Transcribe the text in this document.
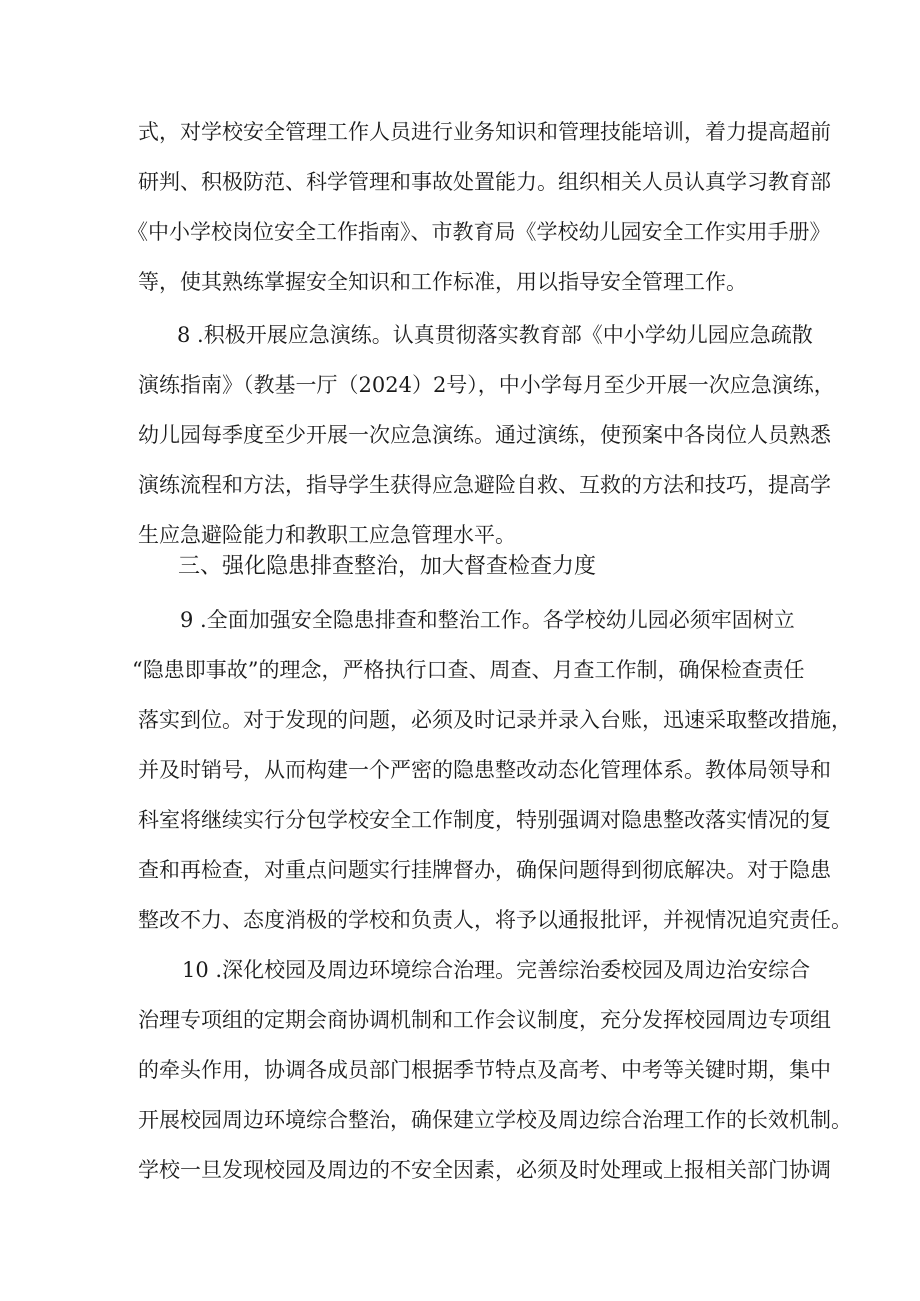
式，对学校安全管理工作人员进行业务知识和管理技能培训，着力提高超前
研判、积极防范、科学管理和事故处置能力。组织相关人员认真学习教育部
《中小学校岗位安全工作指南》、市教育局《学校幼儿园安全工作实用手册》
等，使其熟练掌握安全知识和工作标准，用以指导安全管理工作。
8 .积极开展应急演练。认真贯彻落实教育部《中小学幼儿园应急疏散
演练指南》（教基一厅（2024）2号），中小学每月至少开展一次应急演练，
幼儿园每季度至少开展一次应急演练。通过演练，使预案中各岗位人员熟悉
演练流程和方法，指导学生获得应急避险自救、互救的方法和技巧，提高学
生应急避险能力和教职工应急管理水平。
三、强化隐患排查整治，加大督查检查力度
9 .全面加强安全隐患排查和整治工作。各学校幼儿园必须牢固树立
“隐患即事故”的理念，严格执行口查、周查、月查工作制，确保检查责任
落实到位。对于发现的问题，必须及时记录并录入台账，迅速采取整改措施，
并及时销号，从而构建一个严密的隐患整改动态化管理体系。教体局领导和
科室将继续实行分包学校安全工作制度，特别强调对隐患整改落实情况的复
查和再检查，对重点问题实行挂牌督办，确保问题得到彻底解决。对于隐患
整改不力、态度消极的学校和负责人，将予以通报批评，并视情况追究责任。
10 .深化校园及周边环境综合治理。完善综治委校园及周边治安综合
治理专项组的定期会商协调机制和工作会议制度，充分发挥校园周边专项组
的牵头作用，协调各成员部门根据季节特点及高考、中考等关键时期，集中
开展校园周边环境综合整治，确保建立学校及周边综合治理工作的长效机制。
学校一旦发现校园及周边的不安全因素，必须及时处理或上报相关部门协调
